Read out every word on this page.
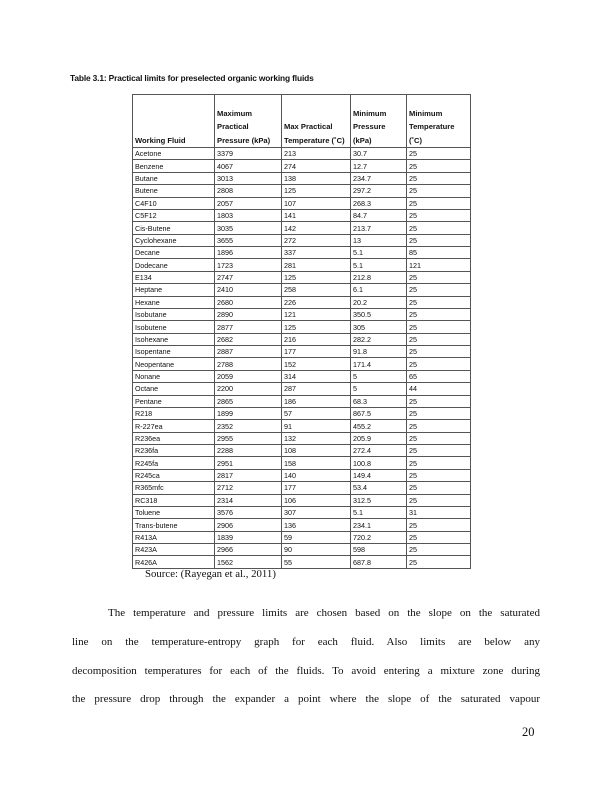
Table 3.1: Practical limits for preselected organic working fluids
Working Fluid	Maximum Practical Pressure (kPa)	Max Practical Temperature (˚C)	Minimum Pressure (kPa)	Minimum Temperature (˚C)
Acetone	3379	213	30.7	25
Benzene	4067	274	12.7	25
Butane	3013	138	234.7	25
Butene	2808	125	297.2	25
C4F10	2057	107	268.3	25
C5F12	1803	141	84.7	25
Cis-Butene	3035	142	213.7	25
Cyclohexane	3655	272	13	25
Decane	1896	337	5.1	85
Dodecane	1723	281	5.1	121
E134	2747	125	212.8	25
Heptane	2410	258	6.1	25
Hexane	2680	226	20.2	25
Isobutane	2890	121	350.5	25
Isobutene	2877	125	305	25
Isohexane	2682	216	282.2	25
Isopentane	2887	177	91.8	25
Neopentane	2788	152	171.4	25
Nonane	2059	314	5	65
Octane	2200	287	5	44
Pentane	2865	186	68.3	25
R218	1899	57	867.5	25
R-227ea	2352	91	455.2	25
R236ea	2955	132	205.9	25
R236fa	2288	108	272.4	25
R245fa	2951	158	100.8	25
R245ca	2817	140	149.4	25
R365mfc	2712	177	53.4	25
RC318	2314	106	312.5	25
Toluene	3576	307	5.1	31
Trans-butene	2906	136	234.1	25
R413A	1839	59	720.2	25
R423A	2966	90	598	25
R426A	1562	55	687.8	25
Source: (Rayegan et al., 2011)
The temperature and pressure limits are chosen based on the slope on the saturated
line on the temperature-entropy graph for each fluid. Also limits are below any
decomposition temperatures for each of the fluids. To avoid entering a mixture zone during
the pressure drop through the expander a point where the slope of the saturated vapour
20
